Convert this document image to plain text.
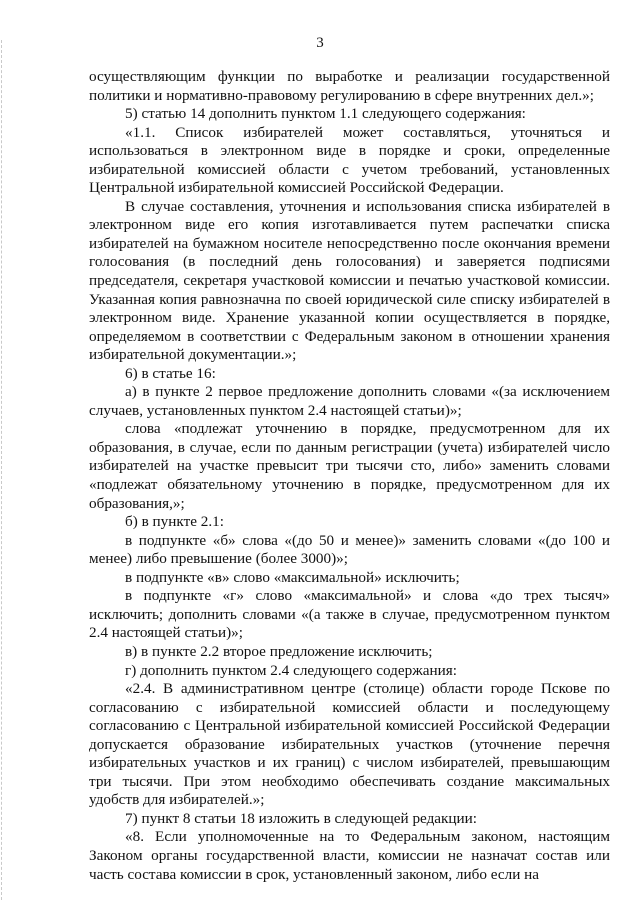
3

осуществляющим функции по выработке и реализации государственной политики и нормативно-правовому регулированию в сфере внутренних дел.»;

5) статью 14 дополнить пунктом 1.1 следующего содержания:

«1.1. Список избирателей может составляться, уточняться и использоваться в электронном виде в порядке и сроки, определенные избирательной комиссией области с учетом требований, установленных Центральной избирательной комиссией Российской Федерации.

В случае составления, уточнения и использования списка избирателей в электронном виде его копия изготавливается путем распечатки списка избирателей на бумажном носителе непосредственно после окончания времени голосования (в последний день голосования) и заверяется подписями председателя, секретаря участковой комиссии и печатью участковой комиссии. Указанная копия равнозначна по своей юридической силе списку избирателей в электронном виде. Хранение указанной копии осуществляется в порядке, определяемом в соответствии с Федеральным законом в отношении хранения избирательной документации.»;

6) в статье 16:

а) в пункте 2 первое предложение дополнить словами «(за исключением случаев, установленных пунктом 2.4 настоящей статьи)»;

слова «подлежат уточнению в порядке, предусмотренном для их образования, в случае, если по данным регистрации (учета) избирателей число избирателей на участке превысит три тысячи сто, либо» заменить словами «подлежат обязательному уточнению в порядке, предусмотренном для их образования,»;

б) в пункте 2.1:

в подпункте «б» слова «(до 50 и менее)» заменить словами «(до 100 и менее) либо превышение (более 3000)»;

в подпункте «в» слово «максимальной» исключить;

в подпункте «г» слово «максимальной» и слова «до трех тысяч» исключить; дополнить словами «(а также в случае, предусмотренном пунктом 2.4 настоящей статьи)»;

в) в пункте 2.2 второе предложение исключить;

г) дополнить пунктом 2.4 следующего содержания:

«2.4. В административном центре (столице) области городе Пскове по согласованию с избирательной комиссией области и последующему согласованию с Центральной избирательной комиссией Российской Федерации допускается образование избирательных участков (уточнение перечня избирательных участков и их границ) с числом избирателей, превышающим три тысячи. При этом необходимо обеспечивать создание максимальных удобств для избирателей.»;

7) пункт 8 статьи 18 изложить в следующей редакции:

«8. Если уполномоченные на то Федеральным законом, настоящим Законом органы государственной власти, комиссии не назначат состав или часть состава комиссии в срок, установленный законом, либо если на
